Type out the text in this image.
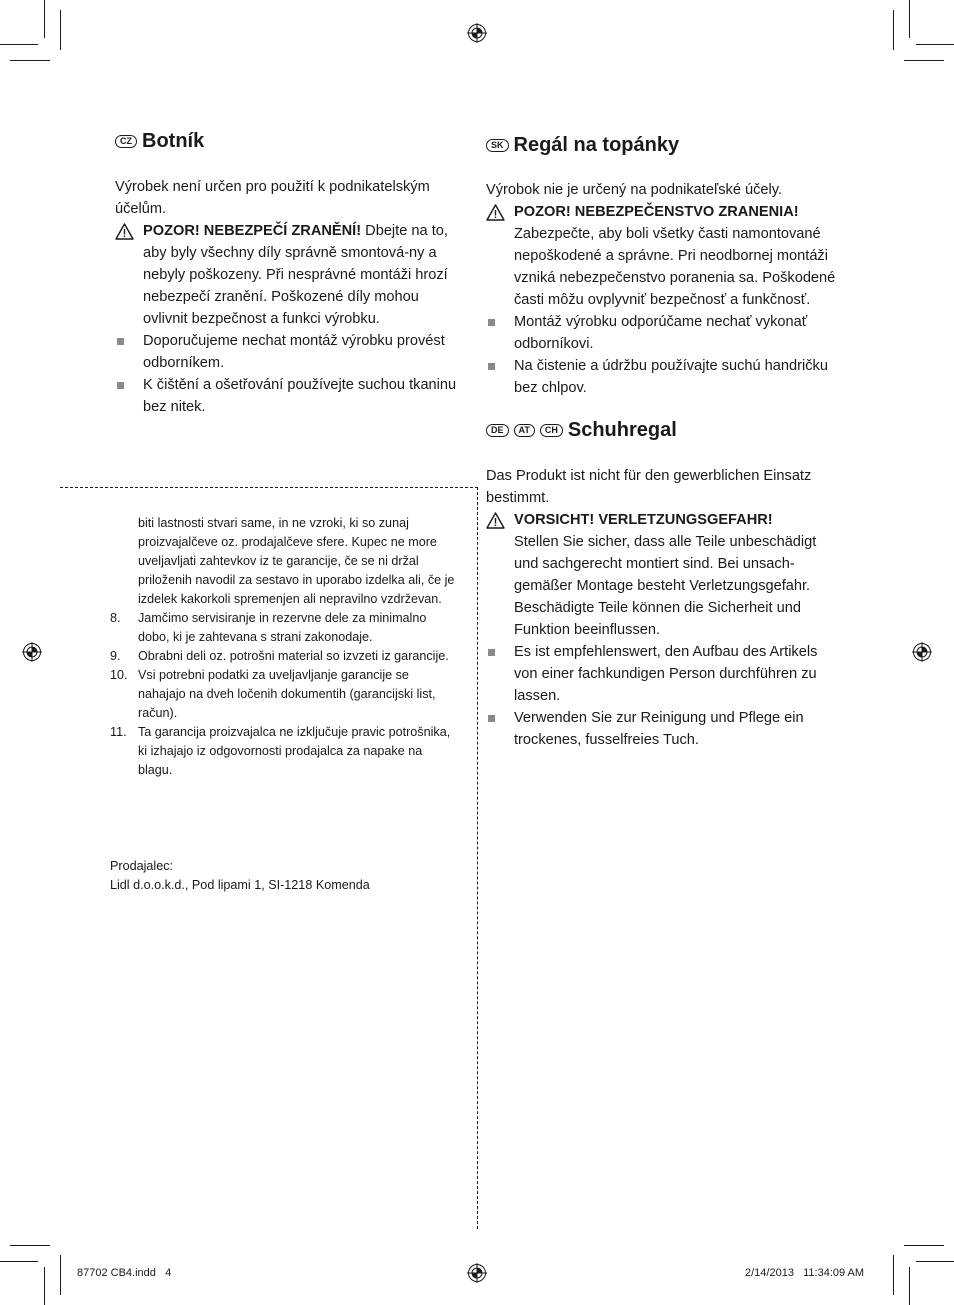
CZ Botník
Výrobek není určen pro použití k podnikatelským účelům.
POZOR! NEBEZPEČÍ ZRANĚNÍ! Dbejte na to, aby byly všechny díly správně smontová-ny a nebyly poškozeny. Při nesprávné montáži hrozí nebezpečí zranění. Poškozené díly mohou ovlivnit bezpečnost a funkci výrobku.
Doporučujeme nechat montáž výrobku provést odborníkem.
K čištění a ošetřování používejte suchou tkaninu bez nitek.
SK Regál na topánky
Výrobok nie je určený na podnikateľské účely.
POZOR! NEBEZPEČENSTVO ZRANENIA!
Zabezpečte, aby boli všetky časti namontované nepoškodené a správne. Pri neodbornej montáži vzniká nebezpečenstvo poranenia sa. Poškodené časti môžu ovplyvniť bezpečnosť a funkčnosť.
Montáž výrobku odporúčame nechať vykonať odborníkovi.
Na čistenie a údržbu používajte suchú handričku bez chlpov.
DE	AT	CH Schuhregal
Das Produkt ist nicht für den gewerblichen Einsatz bestimmt.
VORSICHT! VERLETZUNGSGEFAHR!
Stellen Sie sicher, dass alle Teile unbeschädigt und sachgerecht montiert sind. Bei unsach-gemäßer Montage besteht Verletzungsgefahr. Beschädigte Teile können die Sicherheit und Funktion beeinflussen.
Es ist empfehlenswert, den Aufbau des Artikels von einer fachkundigen Person durchführen zu lassen.
Verwenden Sie zur Reinigung und Pflege ein trockenes, fusselfreies Tuch.
biti lastnosti stvari same, in ne vzroki, ki so zunaj proizvajalčeve oz. prodajalčeve sfere. Kupec ne more uveljavljati zahtevkov iz te garancije, če se ni držal priloženih navodil za sestavo in uporabo izdelka ali, če je izdelek kakorkoli spremenjen ali nepravilno vzdrževan.
8. Jamčimo servisiranje in rezervne dele za minimalno dobo, ki je zahtevana s strani zakonodaje.
9. Obrabni deli oz. potrošni material so izvzeti iz garancije.
10. Vsi potrebni podatki za uveljavljanje garancije se nahajajo na dveh ločenih dokumentih (garancijski list, račun).
11. Ta garancija proizvajalca ne izključuje pravic potrošnika, ki izhajajo iz odgovornosti prodajalca za napake na blagu.
Prodajalec:
Lidl d.o.o.k.d., Pod lipami 1, SI-1218 Komenda
87702 CB4.indd   4	2/14/2013   11:34:09 AM
